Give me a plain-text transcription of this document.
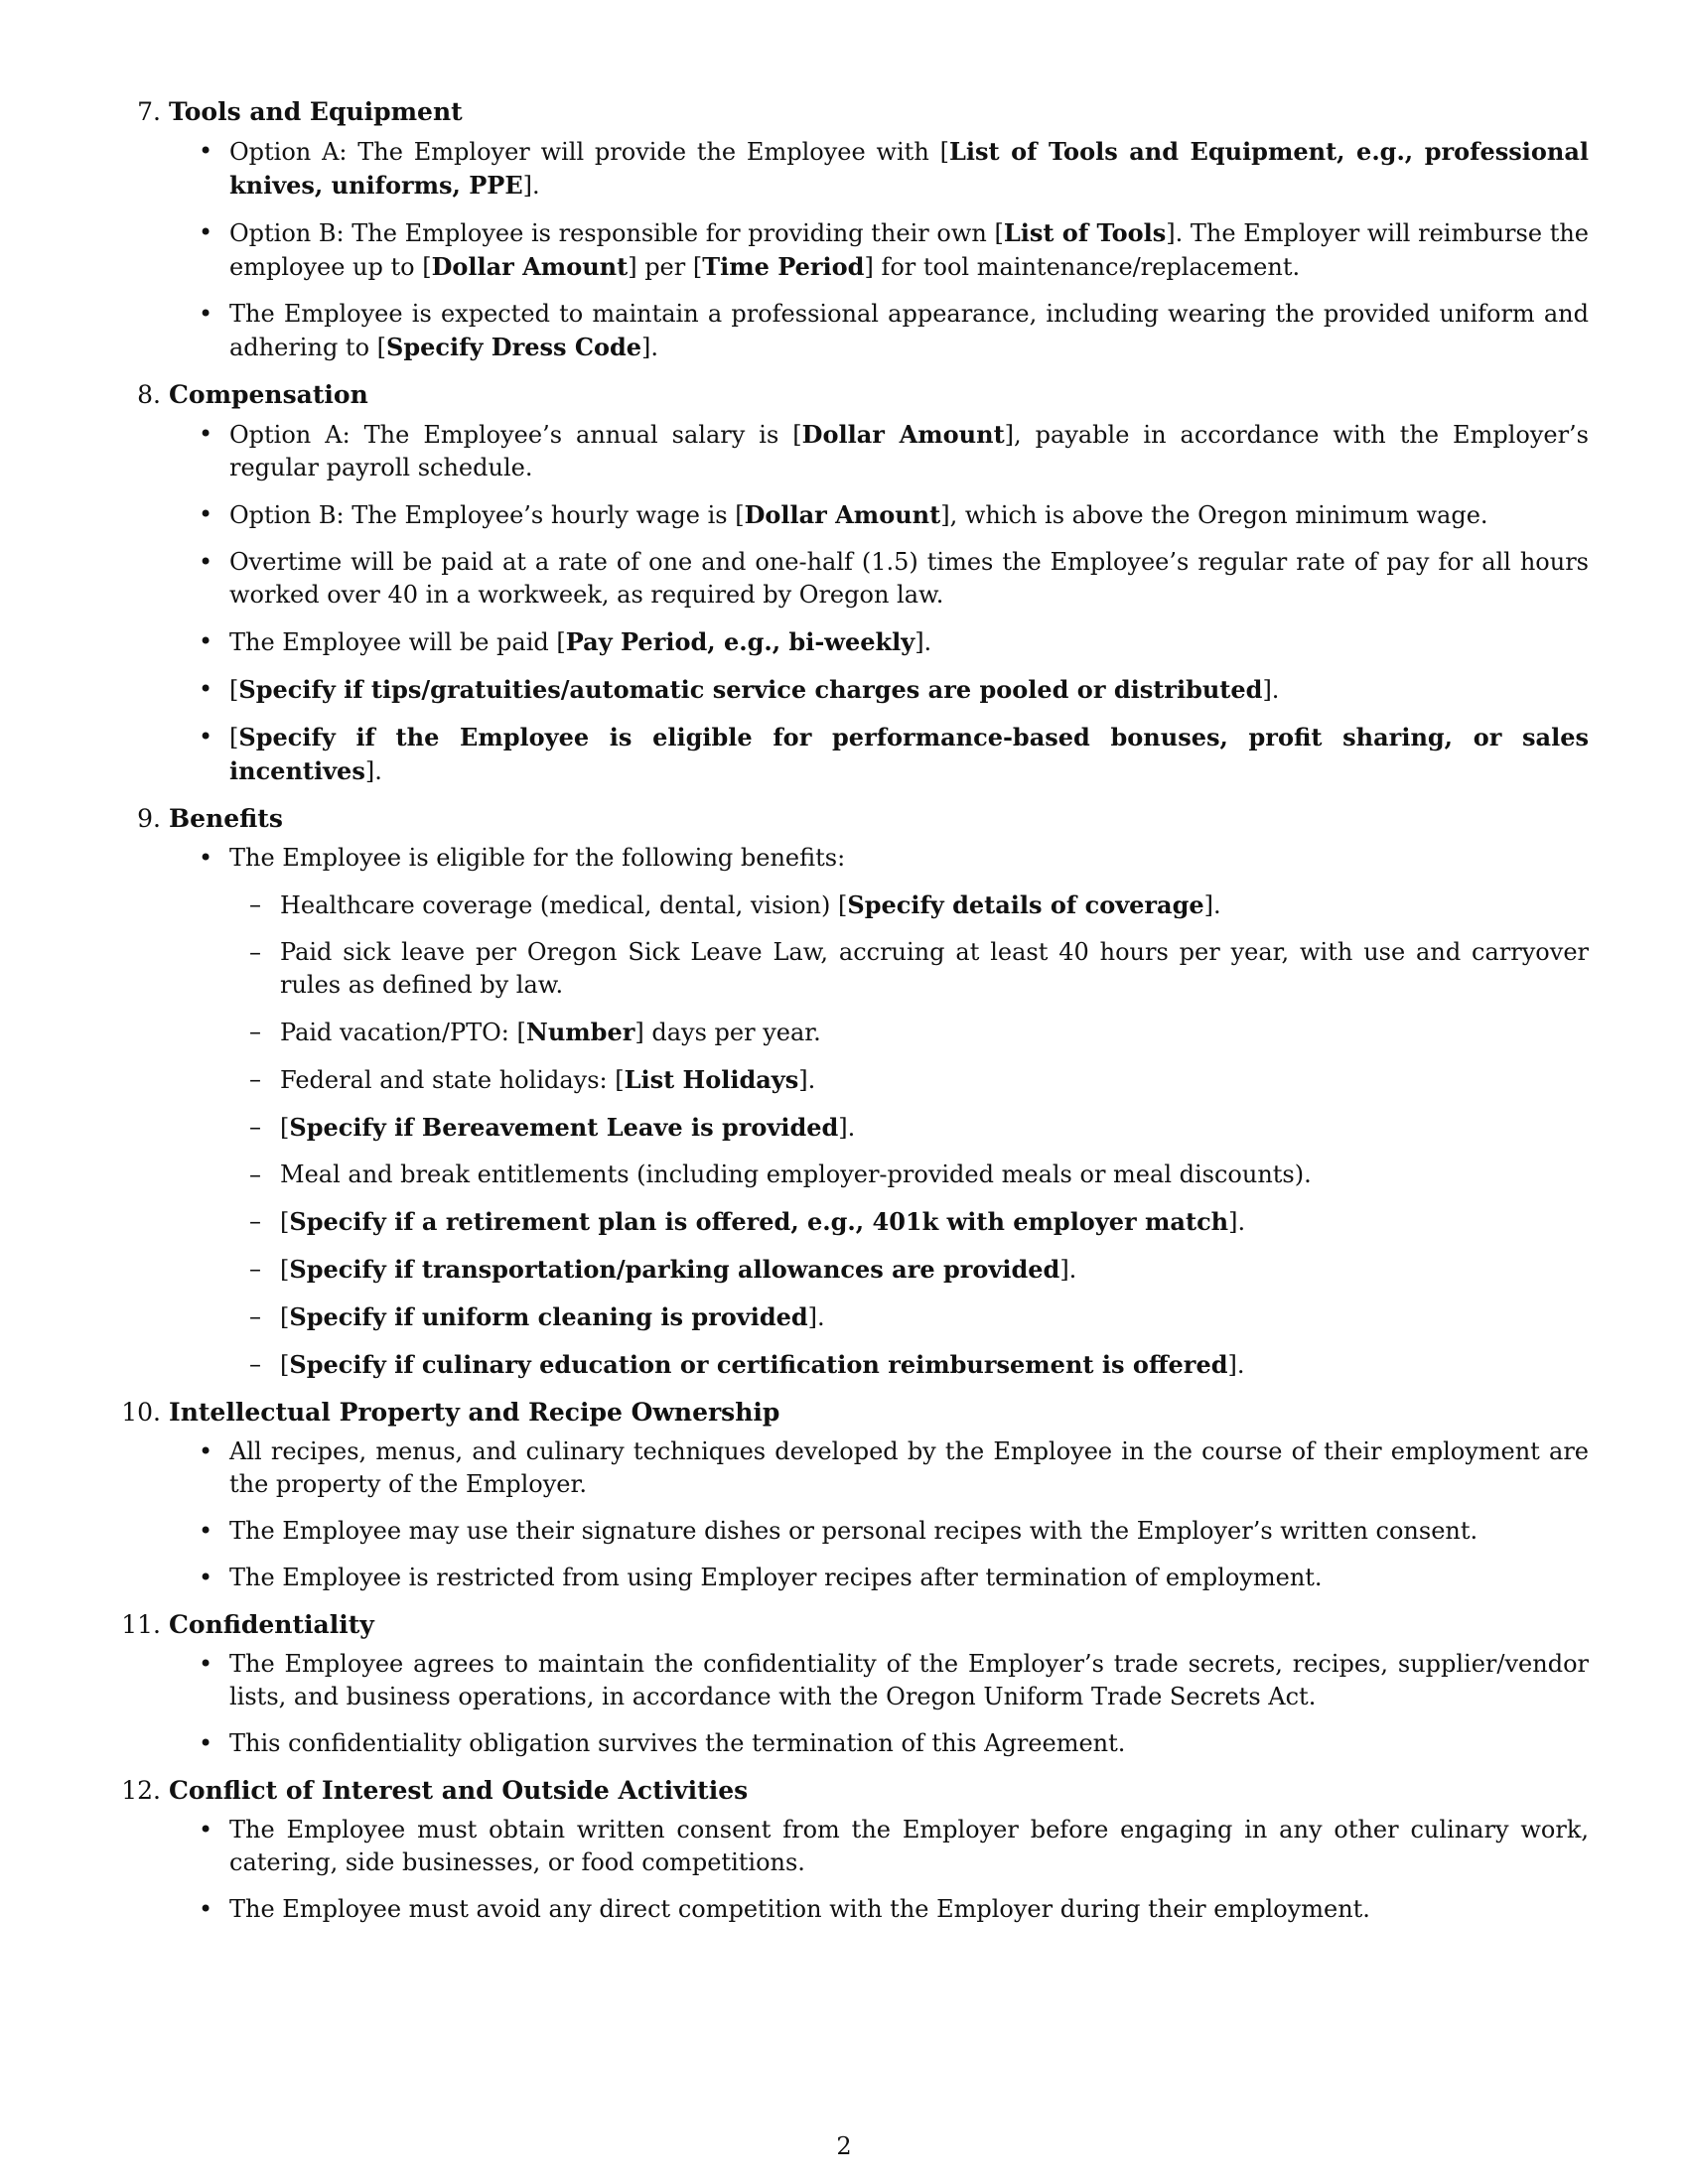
7. Tools and Equipment
• Option A: The Employer will provide the Employee with [List of Tools and Equipment, e.g., professional knives, uniforms, PPE].
• Option B: The Employee is responsible for providing their own [List of Tools]. The Employer will reimburse the employee up to [Dollar Amount] per [Time Period] for tool maintenance/replacement.
• The Employee is expected to maintain a professional appearance, including wearing the provided uniform and adhering to [Specify Dress Code].
8. Compensation
• Option A: The Employee’s annual salary is [Dollar Amount], payable in accordance with the Employer’s regular payroll schedule.
• Option B: The Employee’s hourly wage is [Dollar Amount], which is above the Oregon minimum wage.
• Overtime will be paid at a rate of one and one-half (1.5) times the Employee’s regular rate of pay for all hours worked over 40 in a workweek, as required by Oregon law.
• The Employee will be paid [Pay Period, e.g., bi-weekly].
• [Specify if tips/gratuities/automatic service charges are pooled or distributed].
• [Specify if the Employee is eligible for performance-based bonuses, profit sharing, or sales incentives].
9. Benefits
• The Employee is eligible for the following benefits:
– Healthcare coverage (medical, dental, vision) [Specify details of coverage].
– Paid sick leave per Oregon Sick Leave Law, accruing at least 40 hours per year, with use and carryover rules as defined by law.
– Paid vacation/PTO: [Number] days per year.
– Federal and state holidays: [List Holidays].
– [Specify if Bereavement Leave is provided].
– Meal and break entitlements (including employer-provided meals or meal discounts).
– [Specify if a retirement plan is offered, e.g., 401k with employer match].
– [Specify if transportation/parking allowances are provided].
– [Specify if uniform cleaning is provided].
– [Specify if culinary education or certification reimbursement is offered].
10. Intellectual Property and Recipe Ownership
• All recipes, menus, and culinary techniques developed by the Employee in the course of their employment are the property of the Employer.
• The Employee may use their signature dishes or personal recipes with the Employer’s written consent.
• The Employee is restricted from using Employer recipes after termination of employment.
11. Confidentiality
• The Employee agrees to maintain the confidentiality of the Employer’s trade secrets, recipes, supplier/vendor lists, and business operations, in accordance with the Oregon Uniform Trade Secrets Act.
• This confidentiality obligation survives the termination of this Agreement.
12. Conflict of Interest and Outside Activities
• The Employee must obtain written consent from the Employer before engaging in any other culinary work, catering, side businesses, or food competitions.
• The Employee must avoid any direct competition with the Employer during their employment.
2
